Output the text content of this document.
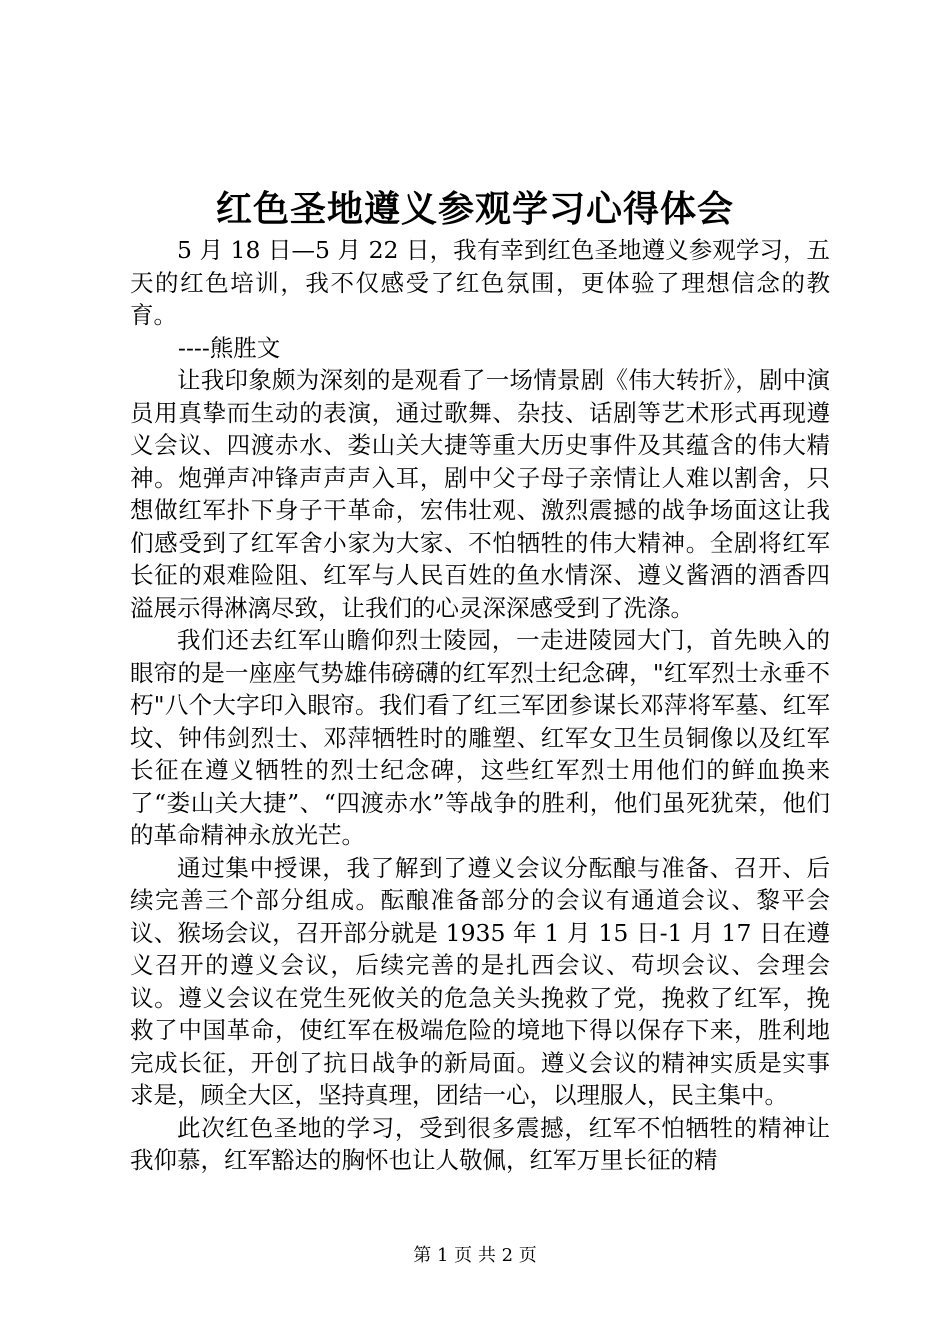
红色圣地遵义参观学习心得体会

5 月 18 日—5 月 22 日，我有幸到红色圣地遵义参观学习，五天的红色培训，我不仅感受了红色氛围，更体验了理想信念的教育。

----熊胜文

让我印象颇为深刻的是观看了一场情景剧《伟大转折》，剧中演员用真挚而生动的表演，通过歌舞、杂技、话剧等艺术形式再现遵义会议、四渡赤水、娄山关大捷等重大历史事件及其蕴含的伟大精神。炮弹声冲锋声声声入耳，剧中父子母子亲情让人难以割舍，只想做红军扑下身子干革命，宏伟壮观、激烈震撼的战争场面这让我们感受到了红军舍小家为大家、不怕牺牲的伟大精神。全剧将红军长征的艰难险阻、红军与人民百姓的鱼水情深、遵义酱酒的酒香四溢展示得淋漓尽致，让我们的心灵深深感受到了洗涤。

我们还去红军山瞻仰烈士陵园，一走进陵园大门，首先映入的眼帘的是一座座气势雄伟磅礴的红军烈士纪念碑，"红军烈士永垂不朽"八个大字印入眼帘。我们看了红三军团参谋长邓萍将军墓、红军坟、钟伟剑烈士、邓萍牺牲时的雕塑、红军女卫生员铜像以及红军长征在遵义牺牲的烈士纪念碑，这些红军烈士用他们的鲜血换来了“娄山关大捷”、“四渡赤水”等战争的胜利，他们虽死犹荣，他们的革命精神永放光芒。

通过集中授课，我了解到了遵义会议分酝酿与准备、召开、后续完善三个部分组成。酝酿准备部分的会议有通道会议、黎平会议、猴场会议，召开部分就是 1935 年 1 月 15 日-1 月 17 日在遵义召开的遵义会议，后续完善的是扎西会议、苟坝会议、会理会议。遵义会议在党生死攸关的危急关头挽救了党，挽救了红军，挽救了中国革命，使红军在极端危险的境地下得以保存下来，胜利地完成长征，开创了抗日战争的新局面。遵义会议的精神实质是实事求是，顾全大区，坚持真理，团结一心，以理服人，民主集中。

此次红色圣地的学习，受到很多震撼，红军不怕牺牲的精神让我仰慕，红军豁达的胸怀也让人敬佩，红军万里长征的精

第 1 页 共 2 页
